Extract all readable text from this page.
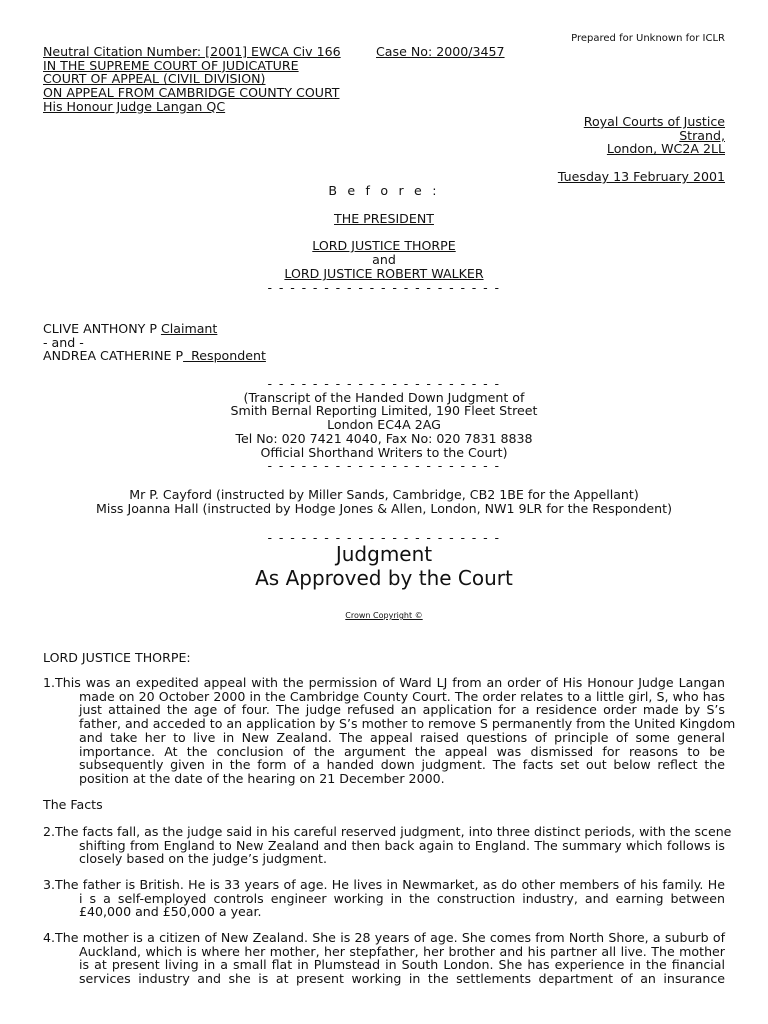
Prepared for Unknown for ICLR
Neutral Citation Number: [2001] EWCA Civ 166
IN THE SUPREME COURT OF JUDICATURE
COURT OF APPEAL (CIVIL DIVISION)
ON APPEAL FROM CAMBRIDGE COUNTY COURT
His Honour Judge Langan QC
Case No: 2000/3457
Royal Courts of Justice
Strand,
London, WC2A 2LL
Tuesday 13 February 2001
B e f o r e :
THE PRESIDENT
LORD JUSTICE THORPE
and
LORD JUSTICE ROBERT WALKER
- - - - - - - - - - - - - - - - - - - - -
CLIVE ANTHONY P Claimant
- and -
ANDREA CATHERINE P  Respondent
- - - - - - - - - - - - - - - - - - - - -
(Transcript of the Handed Down Judgment of
Smith Bernal Reporting Limited, 190 Fleet Street
London EC4A 2AG
Tel No: 020 7421 4040, Fax No: 020 7831 8838
Official Shorthand Writers to the Court)
- - - - - - - - - - - - - - - - - - - - -
Mr P. Cayford (instructed by Miller Sands, Cambridge, CB2 1BE for the Appellant)
Miss Joanna Hall (instructed by Hodge Jones & Allen, London, NW1 9LR for the Respondent)
- - - - - - - - - - - - - - - - - - - - -
Judgment
As Approved by the Court
Crown Copyright ©
LORD JUSTICE THORPE:
1.This was an expedited appeal with the permission of Ward LJ from an order of His Honour Judge Langan
made on 20 October 2000 in the Cambridge County Court. The order relates to a little girl, S, who has
just attained the age of four. The judge refused an application for a residence order made by S’s
father, and acceded to an application by S’s mother to remove S permanently from the United Kingdom
and take her to live in New Zealand. The appeal raised questions of principle of some general
importance. At the conclusion of the argument the appeal was dismissed for reasons to be
subsequently given in the form of a handed down judgment. The facts set out below reflect the
position at the date of the hearing on 21 December 2000.
The Facts
2.The facts fall, as the judge said in his careful reserved judgment, into three distinct periods, with the scene
shifting from England to New Zealand and then back again to England. The summary which follows is
closely based on the judge’s judgment.
3.The father is British. He is 33 years of age. He lives in Newmarket, as do other members of his family. He
i s a self-employed controls engineer working in the construction industry, and earning between
£40,000 and £50,000 a year.
4.The mother is a citizen of New Zealand. She is 28 years of age. She comes from North Shore, a suburb of
Auckland, which is where her mother, her stepfather, her brother and his partner all live. The mother
is at present living in a small flat in Plumstead in South London. She has experience in the financial
services industry and she is at present working in the settlements department of an insurance
